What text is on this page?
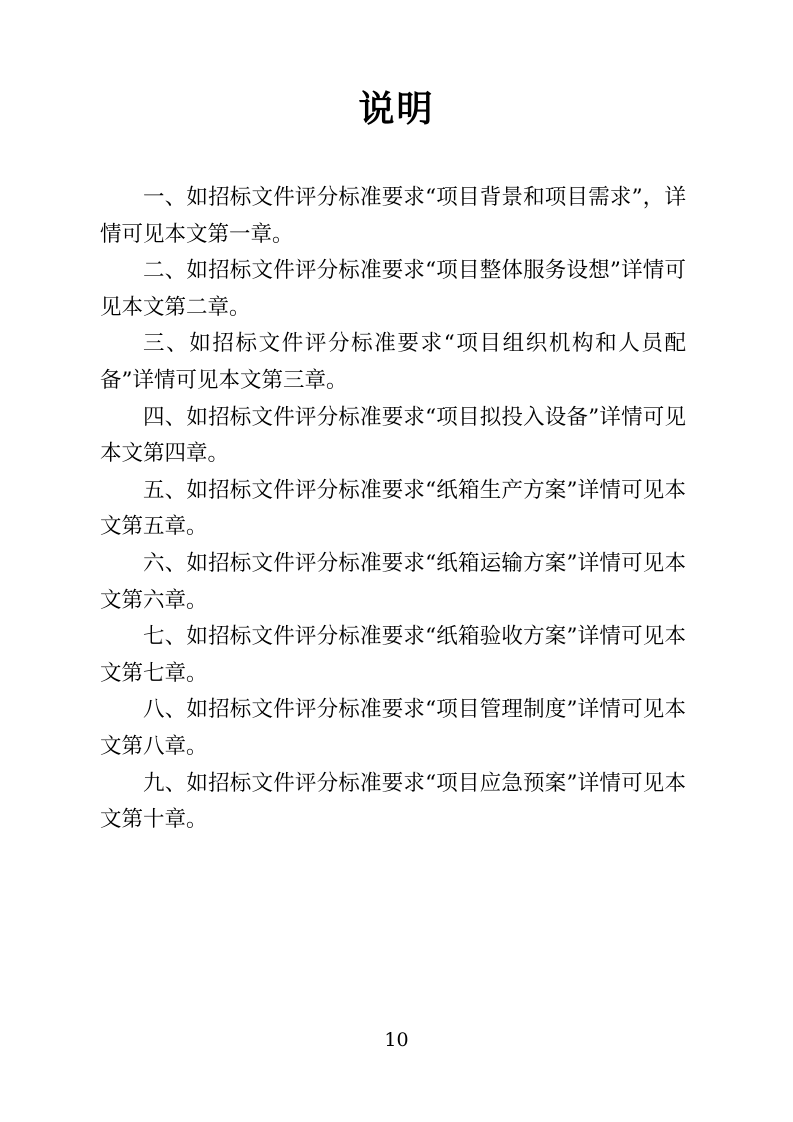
说明

一、如招标文件评分标准要求“项目背景和项目需求”，详情可见本文第一章。

二、如招标文件评分标准要求“项目整体服务设想”详情可见本文第二章。

三、如招标文件评分标准要求“项目组织机构和人员配备”详情可见本文第三章。

四、如招标文件评分标准要求“项目拟投入设备”详情可见本文第四章。

五、如招标文件评分标准要求“纸箱生产方案”详情可见本文第五章。

六、如招标文件评分标准要求“纸箱运输方案”详情可见本文第六章。

七、如招标文件评分标准要求“纸箱验收方案”详情可见本文第七章。

八、如招标文件评分标准要求“项目管理制度”详情可见本文第八章。

九、如招标文件评分标准要求“项目应急预案”详情可见本文第十章。

10
